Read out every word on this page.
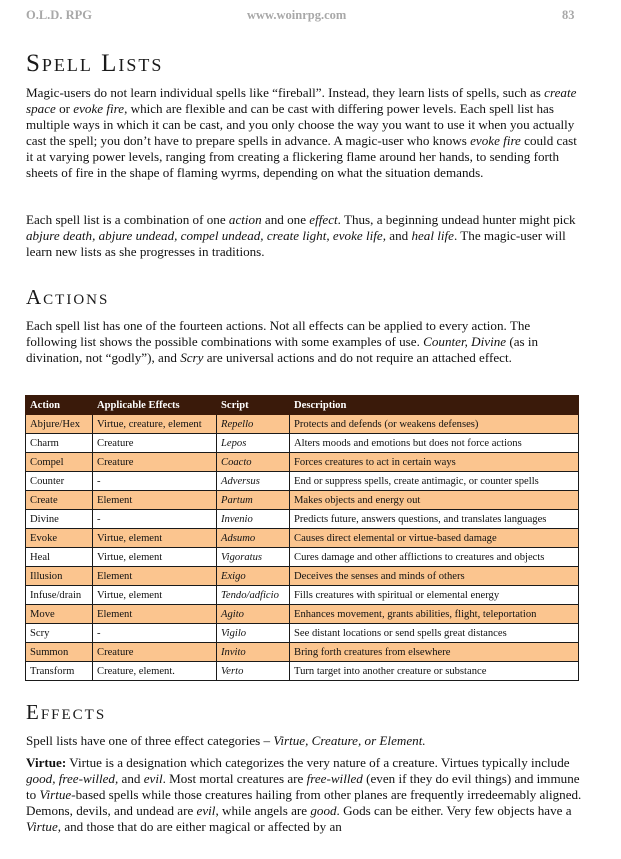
O.L.D. RPG	www.woinrpg.com	83
Spell Lists

Magic-users do not learn individual spells like “fireball”. Instead, they learn lists of spells, such as create space or evoke fire, which are flexible and can be cast with differing power levels. Each spell list has multiple ways in which it can be cast, and you only choose the way you want to use it when you actually cast the spell; you don’t have to prepare spells in advance. A magic-user who knows evoke fire could cast it at varying power levels, ranging from creating a flickering flame around her hands, to sending forth sheets of fire in the shape of flaming wyrms, depending on what the situation demands.

Each spell list is a combination of one action and one effect. Thus, a beginning undead hunter might pick abjure death, abjure undead, compel undead, create light, evoke life, and heal life. The magic-user will learn new lists as she progresses in traditions.

Actions

Each spell list has one of the fourteen actions. Not all effects can be applied to every action. The following list shows the possible combinations with some examples of use. Counter, Divine (as in divination, not “godly”), and Scry are universal actions and do not require an attached effect.

Action	Applicable Effects	Script	Description
Abjure/Hex	Virtue, creature, element	Repello	Protects and defends (or weakens defenses)
Charm	Creature	Lepos	Alters moods and emotions but does not force actions
Compel	Creature	Coacto	Forces creatures to act in certain ways
Counter	-	Adversus	End or suppress spells, create antimagic, or counter spells
Create	Element	Partum	Makes objects and energy out
Divine	-	Invenio	Predicts future, answers questions, and translates languages
Evoke	Virtue, element	Adsumo	Causes direct elemental or virtue-based damage
Heal	Virtue, element	Vigoratus	Cures damage and other afflictions to creatures and objects
Illusion	Element	Exigo	Deceives the senses and minds of others
Infuse/drain	Virtue, element	Tendo/adficio	Fills creatures with spiritual or elemental energy
Move	Element	Agito	Enhances movement, grants abilities, flight, teleportation
Scry	-	Vigilo	See distant locations or send spells great distances
Summon	Creature	Invito	Bring forth creatures from elsewhere
Transform	Creature, element.	Verto	Turn target into another creature or substance
Effects

Spell lists have one of three effect categories – Virtue, Creature, or Element.

Virtue: Virtue is a designation which categorizes the very nature of a creature. Virtues typically include good, free-willed, and evil. Most mortal creatures are free-willed (even if they do evil things) and immune to Virtue-based spells while those creatures hailing from other planes are frequently irredeemably aligned. Demons, devils, and undead are evil, while angels are good. Gods can be either. Very few objects have a Virtue, and those that do are either magical or affected by an
